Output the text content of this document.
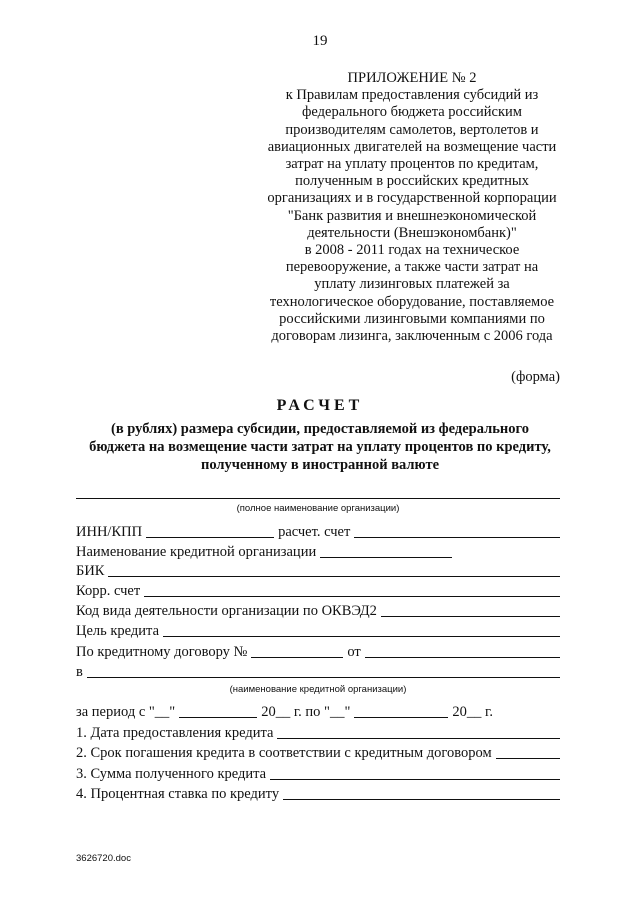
19
ПРИЛОЖЕНИЕ № 2
к Правилам предоставления субсидий из
федерального бюджета российским
производителям самолетов, вертолетов и
авиационных двигателей на возмещение части
затрат на уплату процентов по кредитам,
полученным в российских кредитных
организациях и в государственной корпорации
"Банк развития и внешнеэкономической
деятельности (Внешэкономбанк)"
в 2008 - 2011 годах на техническое
перевооружение, а также части затрат на
уплату лизинговых платежей за
технологическое оборудование, поставляемое
российскими лизинговыми компаниями по
договорам лизинга, заключенным с 2006 года
(форма)
РАСЧЕТ
(в рублях) размера субсидии, предоставляемой из федерального
бюджета на возмещение части затрат на уплату процентов по кредиту,
полученному в иностранной валюте
(полное наименование организации)
ИНН/КПП	расчет. счет
Наименование кредитной организации
БИК
Корр. счет
Код вида деятельности организации по ОКВЭД2
Цель кредита
По кредитному договору №	от
в
(наименование кредитной организации)
за период с "__"	20__ г. по "__"	20__ г.
1. Дата предоставления кредита
2. Срок погашения кредита в соответствии с кредитным договором
3. Сумма полученного кредита
4. Процентная ставка по кредиту
3626720.doc
